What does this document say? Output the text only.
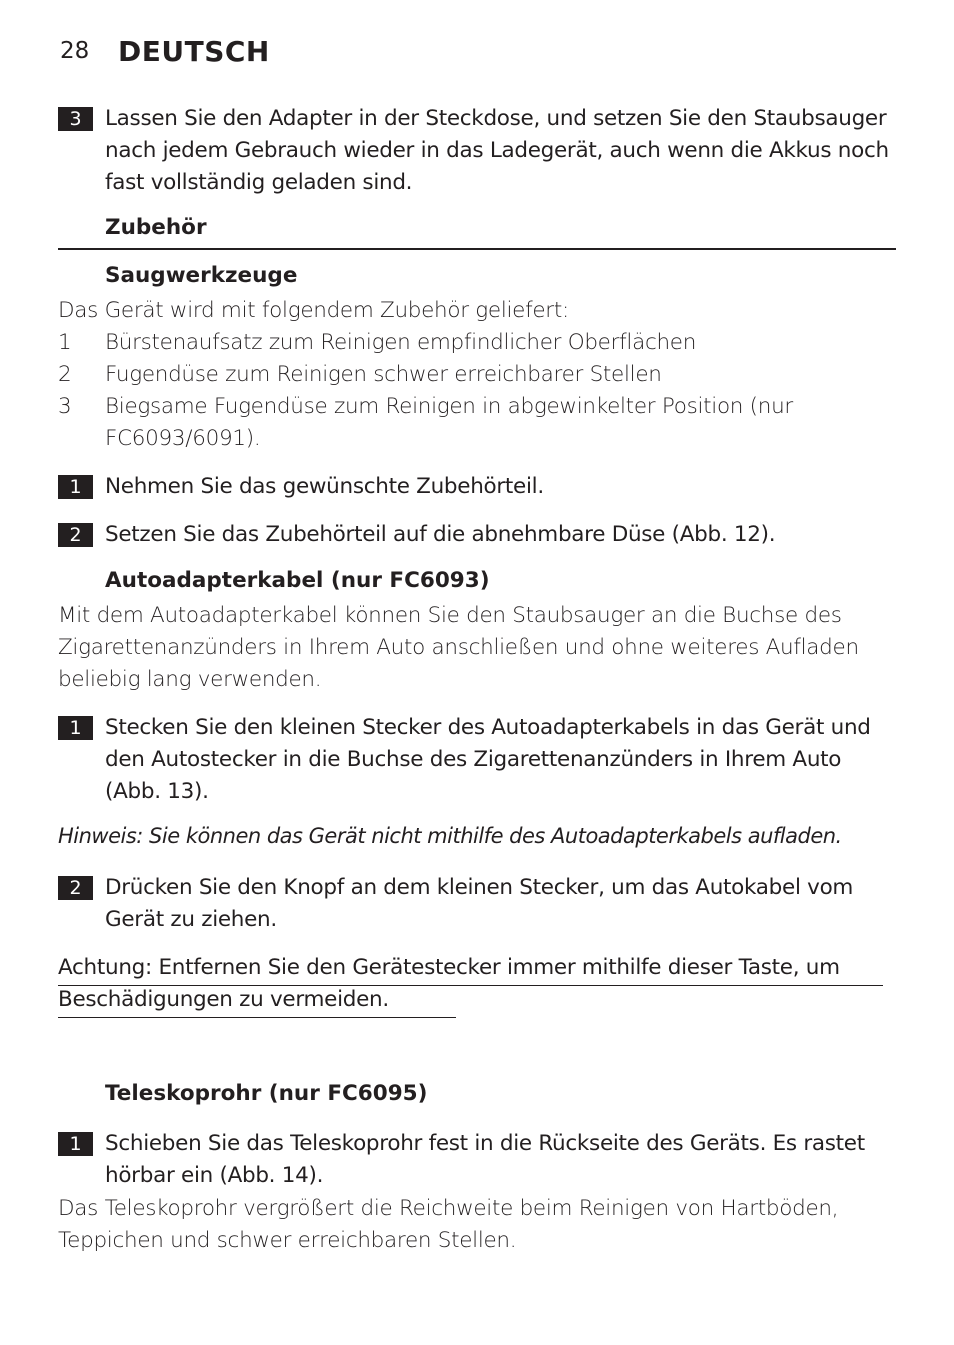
28 DEUTSCH
3	Lassen Sie den Adapter in der Steckdose, und setzen Sie den Staubsauger nach jedem Gebrauch wieder in das Ladegerät, auch wenn die Akkus noch fast vollständig geladen sind.
Zubehör
Saugwerkzeuge
Das Gerät wird mit folgendem Zubehör geliefert:
1	Bürstenaufsatz zum Reinigen empfindlicher Oberflächen
2	Fugendüse zum Reinigen schwer erreichbarer Stellen
3	Biegsame Fugendüse zum Reinigen in abgewinkelter Position (nur FC6093/6091).
1	Nehmen Sie das gewünschte Zubehörteil.
2	Setzen Sie das Zubehörteil auf die abnehmbare Düse (Abb. 12).
Autoadapterkabel (nur FC6093)
Mit dem Autoadapterkabel können Sie den Staubsauger an die Buchse des Zigarettenanzünders in Ihrem Auto anschließen und ohne weiteres Aufladen beliebig lang verwenden.
1	Stecken Sie den kleinen Stecker des Autoadapterkabels in das Gerät und den Autostecker in die Buchse des Zigarettenanzünders in Ihrem Auto (Abb. 13).
Hinweis: Sie können das Gerät nicht mithilfe des Autoadapterkabels aufladen.
2	Drücken Sie den Knopf an dem kleinen Stecker, um das Autokabel vom Gerät zu ziehen.
Achtung: Entfernen Sie den Gerätestecker immer mithilfe dieser Taste, um Beschädigungen zu vermeiden.
Teleskoprohr (nur FC6095)
1	Schieben Sie das Teleskoprohr fest in die Rückseite des Geräts. Es rastet hörbar ein (Abb. 14).
Das Teleskoprohr vergrößert die Reichweite beim Reinigen von Hartböden, Teppichen und schwer erreichbaren Stellen.
